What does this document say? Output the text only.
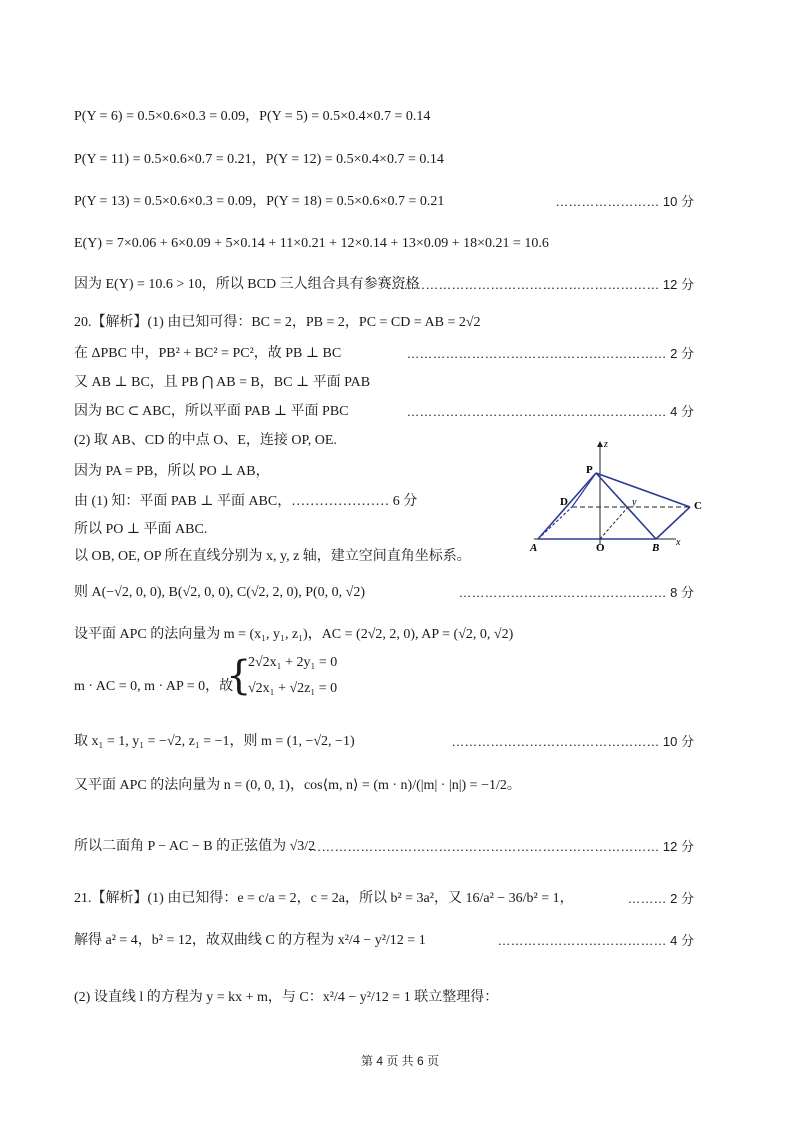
P(Y = 6) = 0.5×0.6×0.3 = 0.09，P(Y = 5) = 0.5×0.4×0.7 = 0.14
P(Y = 11) = 0.5×0.6×0.7 = 0.21，P(Y = 12) = 0.5×0.4×0.7 = 0.14
P(Y = 13) = 0.5×0.6×0.3 = 0.09，P(Y = 18) = 0.5×0.6×0.7 = 0.21	…………………… 10 分
E(Y) = 7×0.06 + 6×0.09 + 5×0.14 + 11×0.21 + 12×0.14 + 13×0.09 + 18×0.21 = 10.6
因为 E(Y) = 10.6 > 10，所以 BCD 三人组合具有参赛资格
……………………………………………………… 12 分
20.【解析】(1) 由已知可得：BC = 2，PB = 2，PC = CD = AB = 2√2
在 ΔPBC 中，PB² + BC² = PC²，故 PB ⊥ BC	…………………………………………………… 2 分
又 AB ⊥ BC，且 PB ⋂ AB = B，BC ⊥ 平面 PAB
因为 BC ⊂ ABC，所以平面 PAB ⊥ 平面 PBC	…………………………………………………… 4 分
(2) 取 AB、CD 的中点 O、E，连接 OP, OE.
因为 PA = PB，所以 PO ⊥ AB，
由 (1) 知：平面 PAB ⊥ 平面 ABC，………………… 6 分
所以 PO ⊥ 平面 ABC.
以 OB, OE, OP 所在直线分别为 x, y, z 轴，建立空间直角坐标系。
则 A(−√2, 0, 0), B(√2, 0, 0), C(√2, 2, 0), P(0, 0, √2)	………………………………………… 8 分
设平面 APC 的法向量为 m = (x₁, y₁, z₁)，AC = (2√2, 2, 0), AP = (√2, 0, √2)
m · AC = 0, m · AP = 0，故
取 x₁ = 1, y₁ = −√2, z₁ = −1，则 m = (1, −√2, −1)	………………………………………… 10 分
又平面 APC 的法向量为 n = (0, 0, 1)，cos⟨m, n⟩ = (m · n)/(|m| · |n|) = −1/2。
所以二面角 P − AC − B 的正弦值为 √3/2
……………………………………………………………………… 12 分
21.【解析】(1) 由已知得：e = c/a = 2，c = 2a，所以 b² = 3a²，又 16/a² − 36/b² = 1，	……… 2 分
解得 a² = 4，b² = 12，故双曲线 C 的方程为 x²/4 − y²/12 = 1	………………………………… 4 分
(2) 设直线 l 的方程为 y = kx + m，与 C：x²/4 − y²/12 = 1 联立整理得：
{
2√2x₁ + 2y₁ = 0
√2x₁ + √2z₁ = 0
z
P
D	C
A	O	B x
y
第 4 页 共 6 页
